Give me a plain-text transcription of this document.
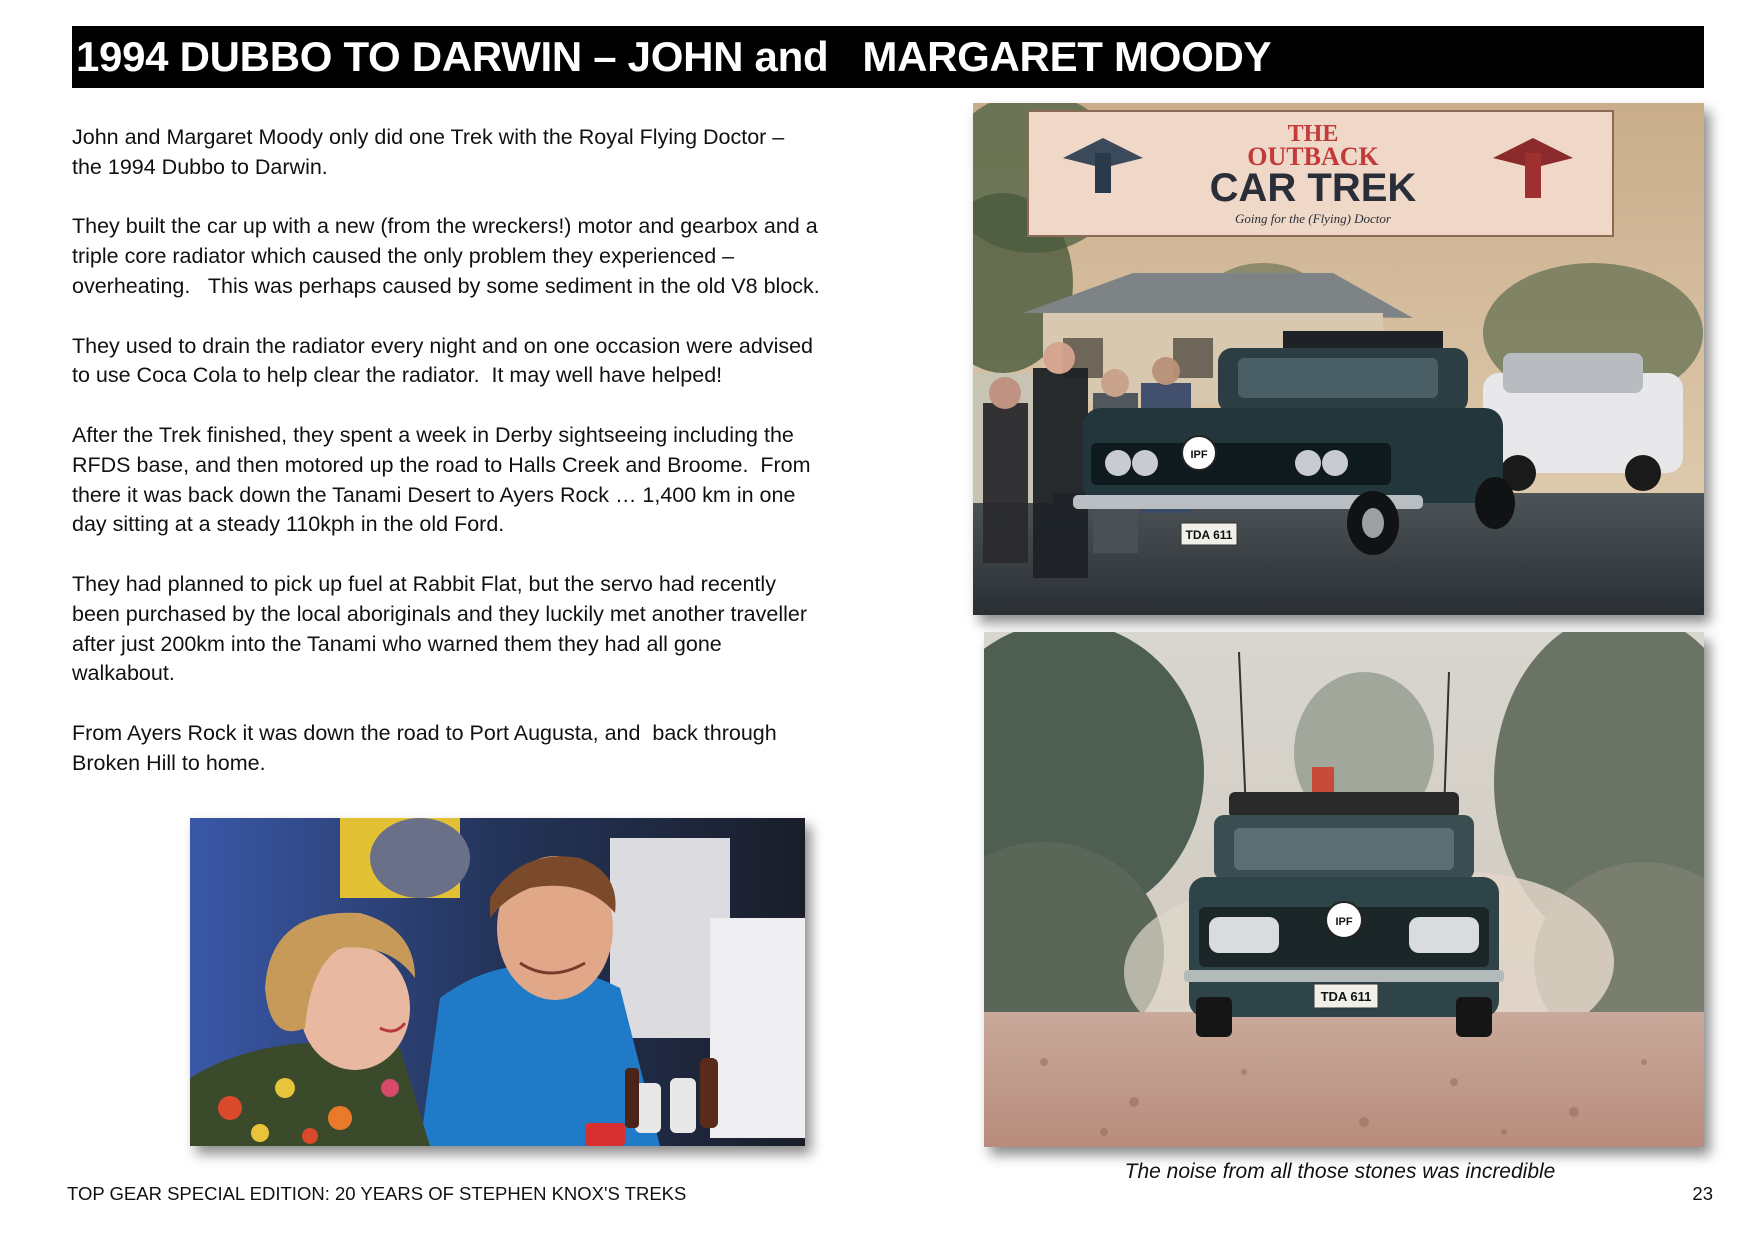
1994 DUBBO TO DARWIN – JOHN and   MARGARET MOODY

John and Margaret Moody only did one Trek with the Royal Flying Doctor –
the 1994 Dubbo to Darwin.

They built the car up with a new (from the wreckers!) motor and gearbox and a
triple core radiator which caused the only problem they experienced –
overheating.   This was perhaps caused by some sediment in the old V8 block.

They used to drain the radiator every night and on one occasion were advised
to use Coca Cola to help clear the radiator.  It may well have helped!

After the Trek finished, they spent a week in Derby sightseeing including the
RFDS base, and then motored up the road to Halls Creek and Broome.  From
there it was back down the Tanami Desert to Ayers Rock … 1,400 km in one
day sitting at a steady 110kph in the old Ford.

They had planned to pick up fuel at Rabbit Flat, but the servo had recently
been purchased by the local aboriginals and they luckily met another traveller
after just 200km into the Tanami who warned them they had all gone
walkabout.

From Ayers Rock it was down the road to Port Augusta, and  back through
Broken Hill to home.

THE
OUTBACK
CAR TREK
Going for the (Flying) Doctor
IPF
TDA 611
IPF
TDA 611
The noise from all those stones was incredible
TOP GEAR SPECIAL EDITION: 20 YEARS OF STEPHEN KNOX'S TREKS	23
